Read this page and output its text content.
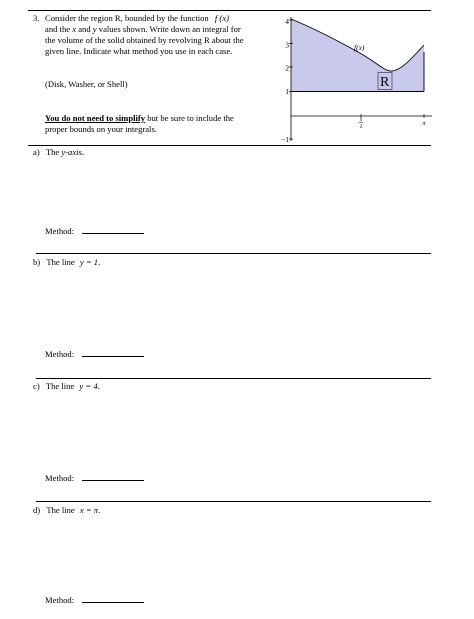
3. Consider the region R, bounded by the function f (x)
and the x and y values shown. Write down an integral for
the volume of the solid obtained by revolving R about the
given line. Indicate what method you use in each case.
(Disk, Washer, or Shell)
You do not need to simplify but be sure to include the
proper bounds on your integrals.
4
3
2
1
−1
π
2	π
f(x)
R
a) The y-axis.
Method:
b) The line y = 1.
Method:
c) The line y = 4.
Method:
d) The line x = π.
Method:
